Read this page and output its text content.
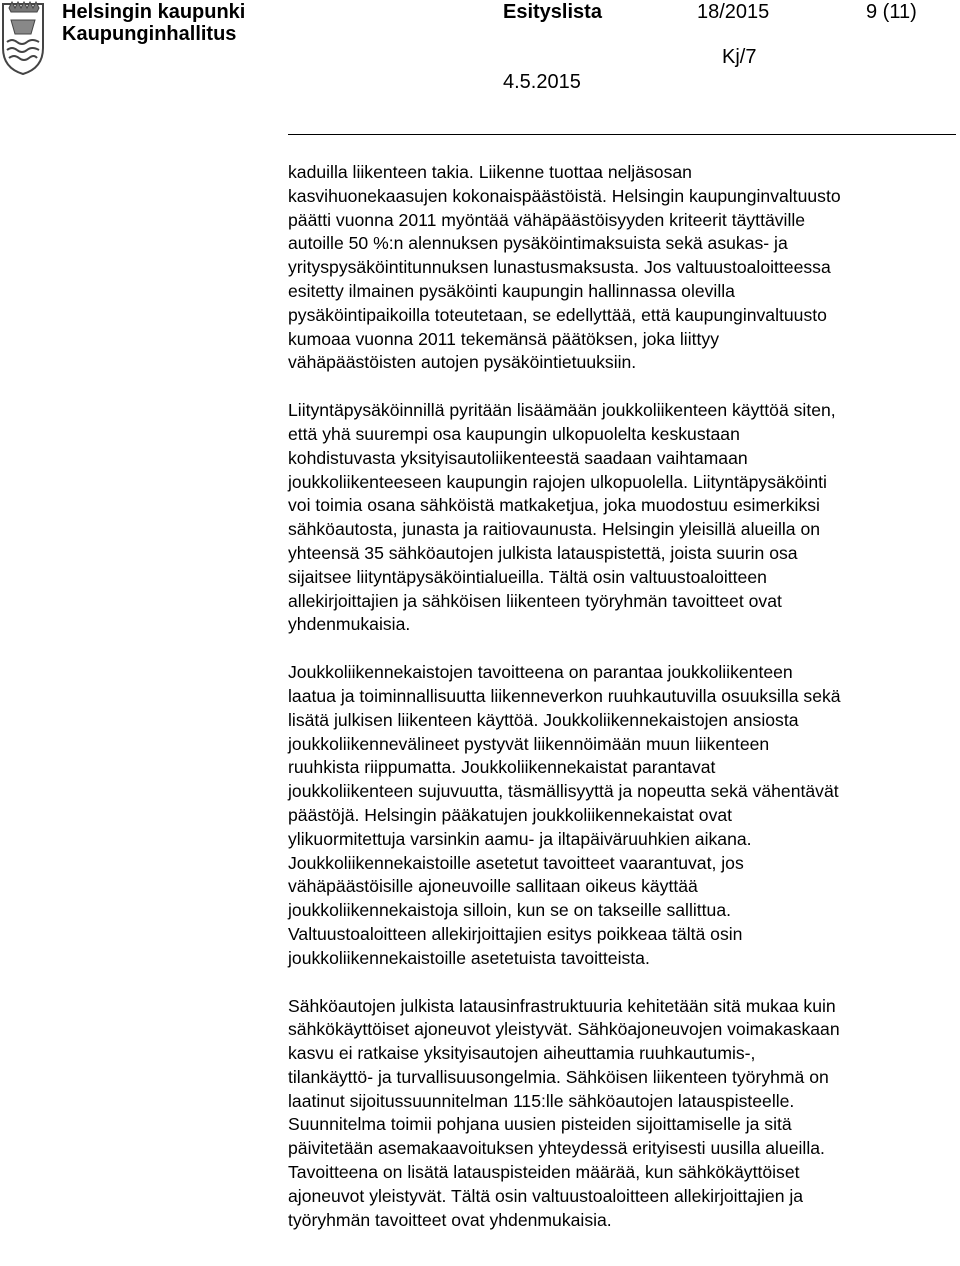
Helsingin kaupunki
Kaupunginhallitus
Esityslista	18/2015	9 (11)
Kj/7
4.5.2015

kaduilla liikenteen takia. Liikenne tuottaa neljäsosan
kasvihuonekaasujen kokonaispäästöistä. Helsingin kaupunginvaltuusto
päätti vuonna 2011 myöntää vähäpäästöisyyden kriteerit täyttäville
autoille 50 %:n alennuksen pysäköintimaksuista sekä asukas- ja
yrityspysäköintitunnuksen lunastusmaksusta. Jos valtuustoaloitteessa
esitetty ilmainen pysäköinti kaupungin hallinnassa olevilla
pysäköintipaikoilla toteutetaan, se edellyttää, että kaupunginvaltuusto
kumoaa vuonna 2011 tekemänsä päätöksen, joka liittyy
vähäpäästöisten autojen pysäköintietuuksiin.

Liityntäpysäköinnillä pyritään lisäämään joukkoliikenteen käyttöä siten,
että yhä suurempi osa kaupungin ulkopuolelta keskustaan
kohdistuvasta yksityisautoliikenteestä saadaan vaihtamaan
joukkoliikenteeseen kaupungin rajojen ulkopuolella. Liityntäpysäköinti
voi toimia osana sähköistä matkaketjua, joka muodostuu esimerkiksi
sähköautosta, junasta ja raitiovaunusta. Helsingin yleisillä alueilla on
yhteensä 35 sähköautojen julkista latauspistettä, joista suurin osa
sijaitsee liityntäpysäköintialueilla. Tältä osin valtuustoaloitteen
allekirjoittajien ja sähköisen liikenteen työryhmän tavoitteet ovat
yhdenmukaisia.

Joukkoliikennekaistojen tavoitteena on parantaa joukkoliikenteen
laatua ja toiminnallisuutta liikenneverkon ruuhkautuvilla osuuksilla sekä
lisätä julkisen liikenteen käyttöä. Joukkoliikennekaistojen ansiosta
joukkoliikennevälineet pystyvät liikennöimään muun liikenteen
ruuhkista riippumatta. Joukkoliikennekaistat parantavat
joukkoliikenteen sujuvuutta, täsmällisyyttä ja nopeutta sekä vähentävät
päästöjä. Helsingin pääkatujen joukkoliikennekaistat ovat
ylikuormitettuja varsinkin aamu- ja iltapäiväruuhkien aikana.
Joukkoliikennekaistoille asetetut tavoitteet vaarantuvat, jos
vähäpäästöisille ajoneuvoille sallitaan oikeus käyttää
joukkoliikennekaistoja silloin, kun se on takseille sallittua.
Valtuustoaloitteen allekirjoittajien esitys poikkeaa tältä osin
joukkoliikennekaistoille asetetuista tavoitteista.

Sähköautojen julkista latausinfrastruktuuria kehitetään sitä mukaa kuin
sähkökäyttöiset ajoneuvot yleistyvät. Sähköajoneuvojen voimakaskaan
kasvu ei ratkaise yksityisautojen aiheuttamia ruuhkautumis-,
tilankäyttö- ja turvallisuusongelmia. Sähköisen liikenteen työryhmä on
laatinut sijoitussuunnitelman 115:lle sähköautojen latauspisteelle.
Suunnitelma toimii pohjana uusien pisteiden sijoittamiselle ja sitä
päivitetään asemakaavoituksen yhteydessä erityisesti uusilla alueilla.
Tavoitteena on lisätä latauspisteiden määrää, kun sähkökäyttöiset
ajoneuvot yleistyvät. Tältä osin valtuustoaloitteen allekirjoittajien ja
työryhmän tavoitteet ovat yhdenmukaisia.
